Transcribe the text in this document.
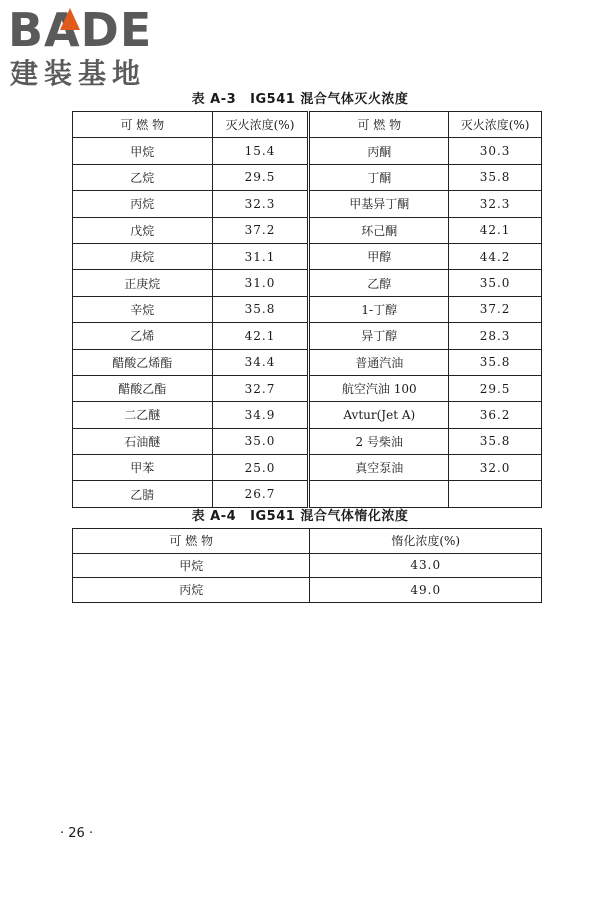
BADE
建装基地
表 A-3 IG541 混合气体灭火浓度
可 燃 物	灭火浓度(%)	可 燃 物	灭火浓度(%)
甲烷	15.4	丙酮	30.3
乙烷	29.5	丁酮	35.8
丙烷	32.3	甲基异丁酮	32.3
戊烷	37.2	环己酮	42.1
庚烷	31.1	甲醇	44.2
正庚烷	31.0	乙醇	35.0
辛烷	35.8	1-丁醇	37.2
乙烯	42.1	异丁醇	28.3
醋酸乙烯酯	34.4	普通汽油	35.8
醋酸乙酯	32.7	航空汽油 100	29.5
二乙醚	34.9	Avtur(Jet A)	36.2
石油醚	35.0	2 号柴油	35.8
甲苯	25.0	真空泵油	32.0
乙腈	26.7		
表 A-4 IG541 混合气体惰化浓度
可 燃 物	惰化浓度(%)
甲烷	43.0
丙烷	49.0
· 26 ·
